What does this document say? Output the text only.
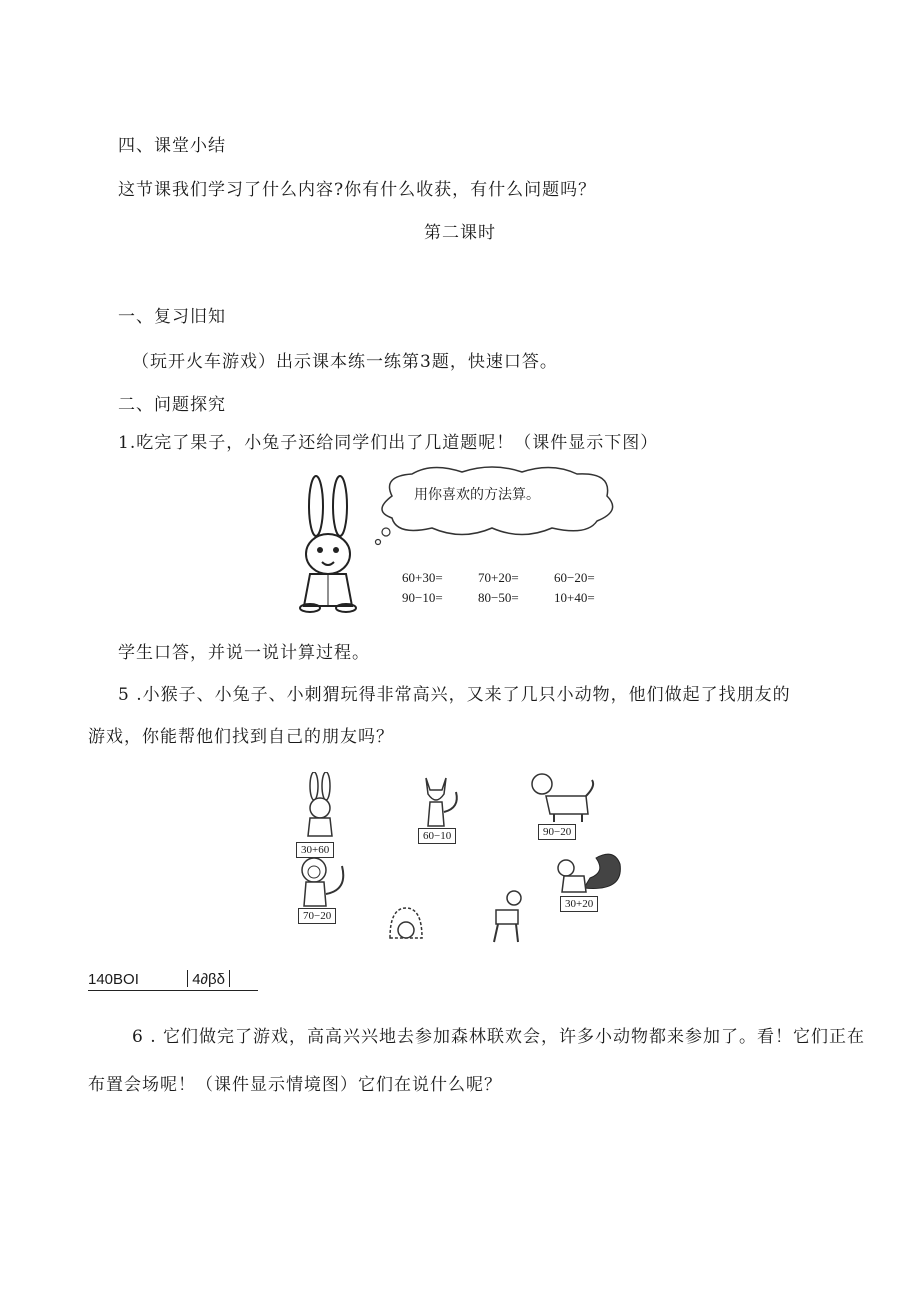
四、课堂小结
这节课我们学习了什么内容?你有什么收获，有什么问题吗？
第二课时
一、复习旧知
（玩开火车游戏）出示课本练一练第3题，快速口答。
二、问题探究
1.吃完了果子，小兔子还给同学们出了几道题呢！（课件显示下图）
用你喜欢的方法算。
60+30=	70+20=	60−20=
90−10=	80−50=	10+40=
学生口答，并说一说计算过程。
5 .小猴子、小兔子、小刺猬玩得非常高兴，又来了几只小动物，他们做起了找朋友的
游戏，你能帮他们找到自己的朋友吗？
30+60
60−10	90−20
70−20
30+20
140BOI	4∂βδ
6 . 它们做完了游戏，高高兴兴地去参加森林联欢会，许多小动物都来参加了。看！它们正在
布置会场呢！（课件显示情境图）它们在说什么呢？
